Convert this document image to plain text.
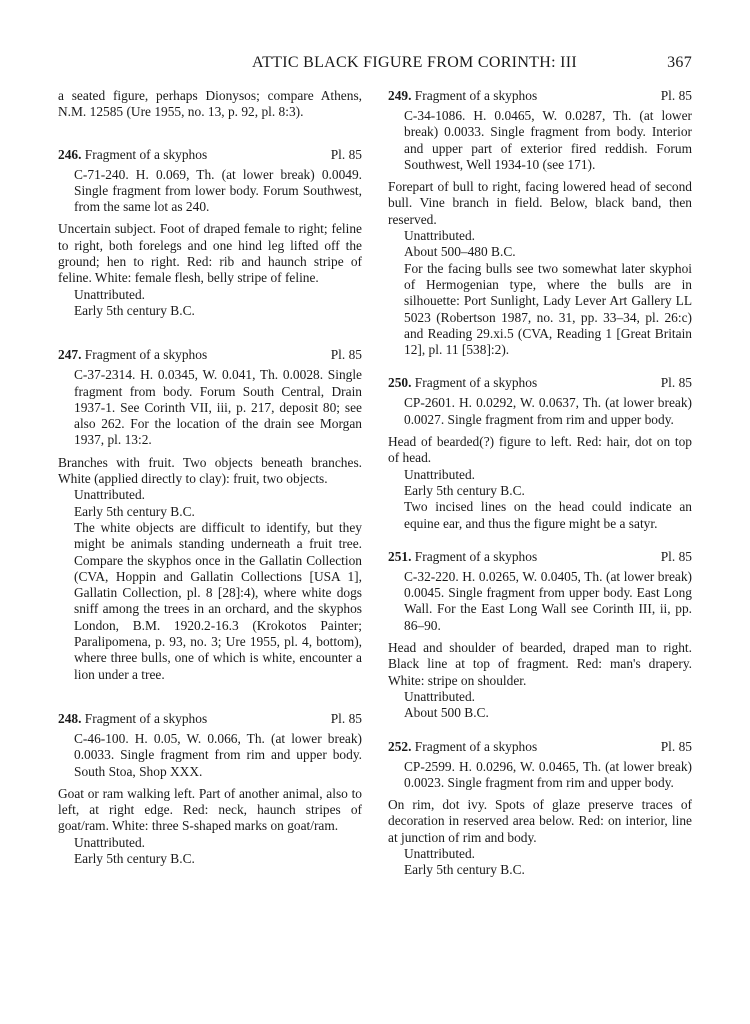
ATTIC BLACK FIGURE FROM CORINTH: III	367

a seated figure, perhaps Dionysos; compare Athens, N.M. 12585 (Ure 1955, no. 13, p. 92, pl. 8:3).

246. Fragment of a skyphos	Pl. 85

C-71-240. H. 0.069, Th. (at lower break) 0.0049. Single fragment from lower body. Forum Southwest, from the same lot as 240.

Uncertain subject. Foot of draped female to right; feline to right, both forelegs and one hind leg lifted off the ground; hen to right. Red: rib and haunch stripe of feline. White: female flesh, belly stripe of feline.

Unattributed.

Early 5th century B.C.

247. Fragment of a skyphos	Pl. 85

C-37-2314. H. 0.0345, W. 0.041, Th. 0.0028. Single fragment from body. Forum South Central, Drain 1937-1. See Corinth VII, iii, p. 217, deposit 80; see also 262. For the location of the drain see Morgan 1937, pl. 13:2.

Branches with fruit. Two objects beneath branches. White (applied directly to clay): fruit, two objects.

Unattributed.

Early 5th century B.C.

The white objects are difficult to identify, but they might be animals standing underneath a fruit tree. Compare the skyphos once in the Gallatin Collection (CVA, Hoppin and Gallatin Collections [USA 1], Gallatin Collection, pl. 8 [28]:4), where white dogs sniff among the trees in an orchard, and the skyphos London, B.M. 1920.2-16.3 (Krokotos Painter; Paralipomena, p. 93, no. 3; Ure 1955, pl. 4, bottom), where three bulls, one of which is white, encounter a lion under a tree.

248. Fragment of a skyphos	Pl. 85

C-46-100. H. 0.05, W. 0.066, Th. (at lower break) 0.0033. Single fragment from rim and upper body. South Stoa, Shop XXX.

Goat or ram walking left. Part of another animal, also to left, at right edge. Red: neck, haunch stripes of goat/ram. White: three S-shaped marks on goat/ram.

Unattributed.

Early 5th century B.C.

249. Fragment of a skyphos	Pl. 85

C-34-1086. H. 0.0465, W. 0.0287, Th. (at lower break) 0.0033. Single fragment from body. Interior and upper part of exterior fired reddish. Forum Southwest, Well 1934-10 (see 171).

Forepart of bull to right, facing lowered head of second bull. Vine branch in field. Below, black band, then reserved.

Unattributed.

About 500–480 B.C.

For the facing bulls see two somewhat later skyphoi of Hermogenian type, where the bulls are in silhouette: Port Sunlight, Lady Lever Art Gallery LL 5023 (Robertson 1987, no. 31, pp. 33–34, pl. 26:c) and Reading 29.xi.5 (CVA, Reading 1 [Great Britain 12], pl. 11 [538]:2).

250. Fragment of a skyphos	Pl. 85

CP-2601. H. 0.0292, W. 0.0637, Th. (at lower break) 0.0027. Single fragment from rim and upper body.

Head of bearded(?) figure to left. Red: hair, dot on top of head.

Unattributed.

Early 5th century B.C.

Two incised lines on the head could indicate an equine ear, and thus the figure might be a satyr.

251. Fragment of a skyphos	Pl. 85

C-32-220. H. 0.0265, W. 0.0405, Th. (at lower break) 0.0045. Single fragment from upper body. East Long Wall. For the East Long Wall see Corinth III, ii, pp. 86–90.

Head and shoulder of bearded, draped man to right. Black line at top of fragment. Red: man's drapery. White: stripe on shoulder.

Unattributed.

About 500 B.C.

252. Fragment of a skyphos	Pl. 85

CP-2599. H. 0.0296, W. 0.0465, Th. (at lower break) 0.0023. Single fragment from rim and upper body.

On rim, dot ivy. Spots of glaze preserve traces of decoration in reserved area below. Red: on interior, line at junction of rim and body.

Unattributed.

Early 5th century B.C.
